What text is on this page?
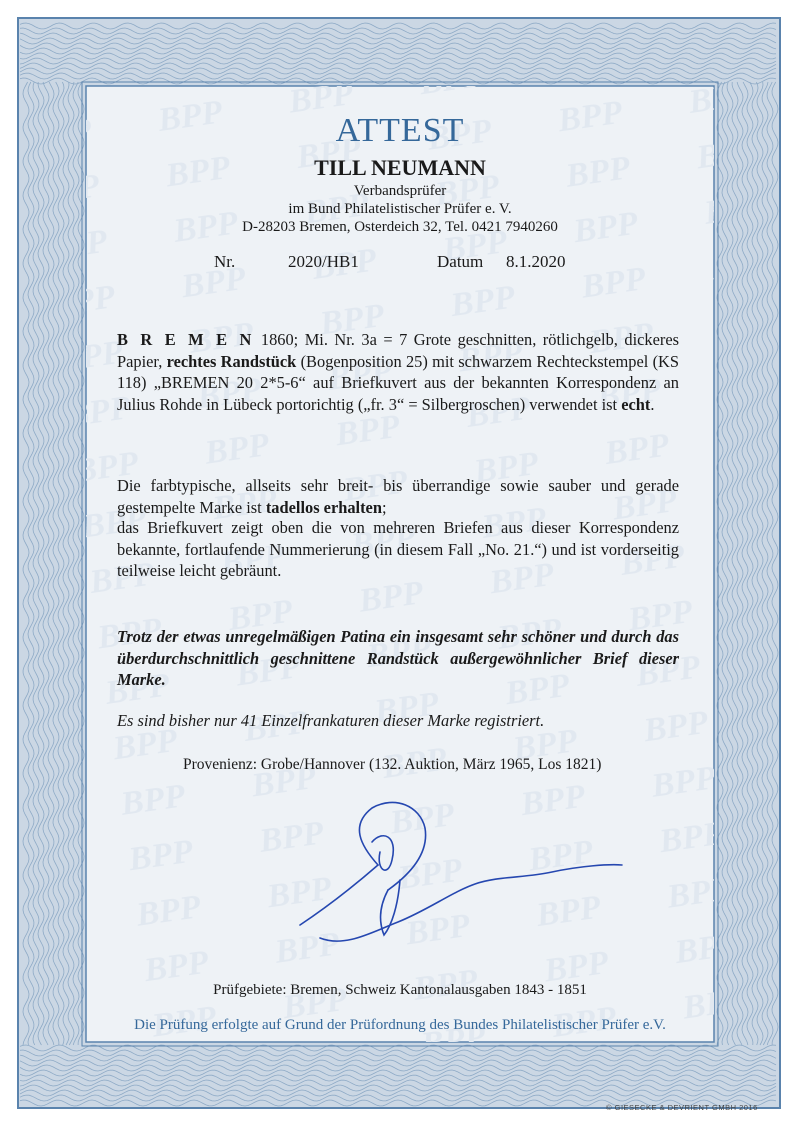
ATTEST
TILL NEUMANN
Verbandsprüfer
im Bund Philatelistischer Prüfer e. V.
D-28203 Bremen, Osterdeich 32, Tel. 0421 7940260
Nr.	2020/HB1	Datum 8.1.2020
B R E M E N 1860; Mi. Nr. 3a = 7 Grote geschnitten, rötlichgelb, dickeres Papier, rechtes Randstück (Bogenposition 25) mit schwarzem Rechteckstempel (KS 118) „BREMEN 20 2*5-6“ auf Briefkuvert aus der bekannten Korrespondenz an Julius Rohde in Lübeck portorichtig („fr. 3“ = Silbergroschen) verwendet ist echt.
Die farbtypische, allseits sehr breit- bis überrandige sowie sauber und gerade gestempelte Marke ist tadellos erhalten;
das Briefkuvert zeigt oben die von mehreren Briefen aus dieser Korrespondenz bekannte, fortlaufende Nummerierung (in diesem Fall „No. 21.“) und ist vorderseitig teilweise leicht gebräunt.
Trotz der etwas unregelmäßigen Patina ein insgesamt sehr schöner und durch das überdurchschnittlich geschnittene Randstück außergewöhnlicher Brief dieser Marke.
Es sind bisher nur 41 Einzelfrankaturen dieser Marke registriert.
Provenienz: Grobe/Hannover (132. Auktion, März 1965, Los 1821)
Prüfgebiete: Bremen, Schweiz Kantonalausgaben 1843 - 1851
Die Prüfung erfolgte auf Grund der Prüfordnung des Bundes Philatelistischer Prüfer e.V.
© GIESECKE & DEVRIENT GMBH 2016
